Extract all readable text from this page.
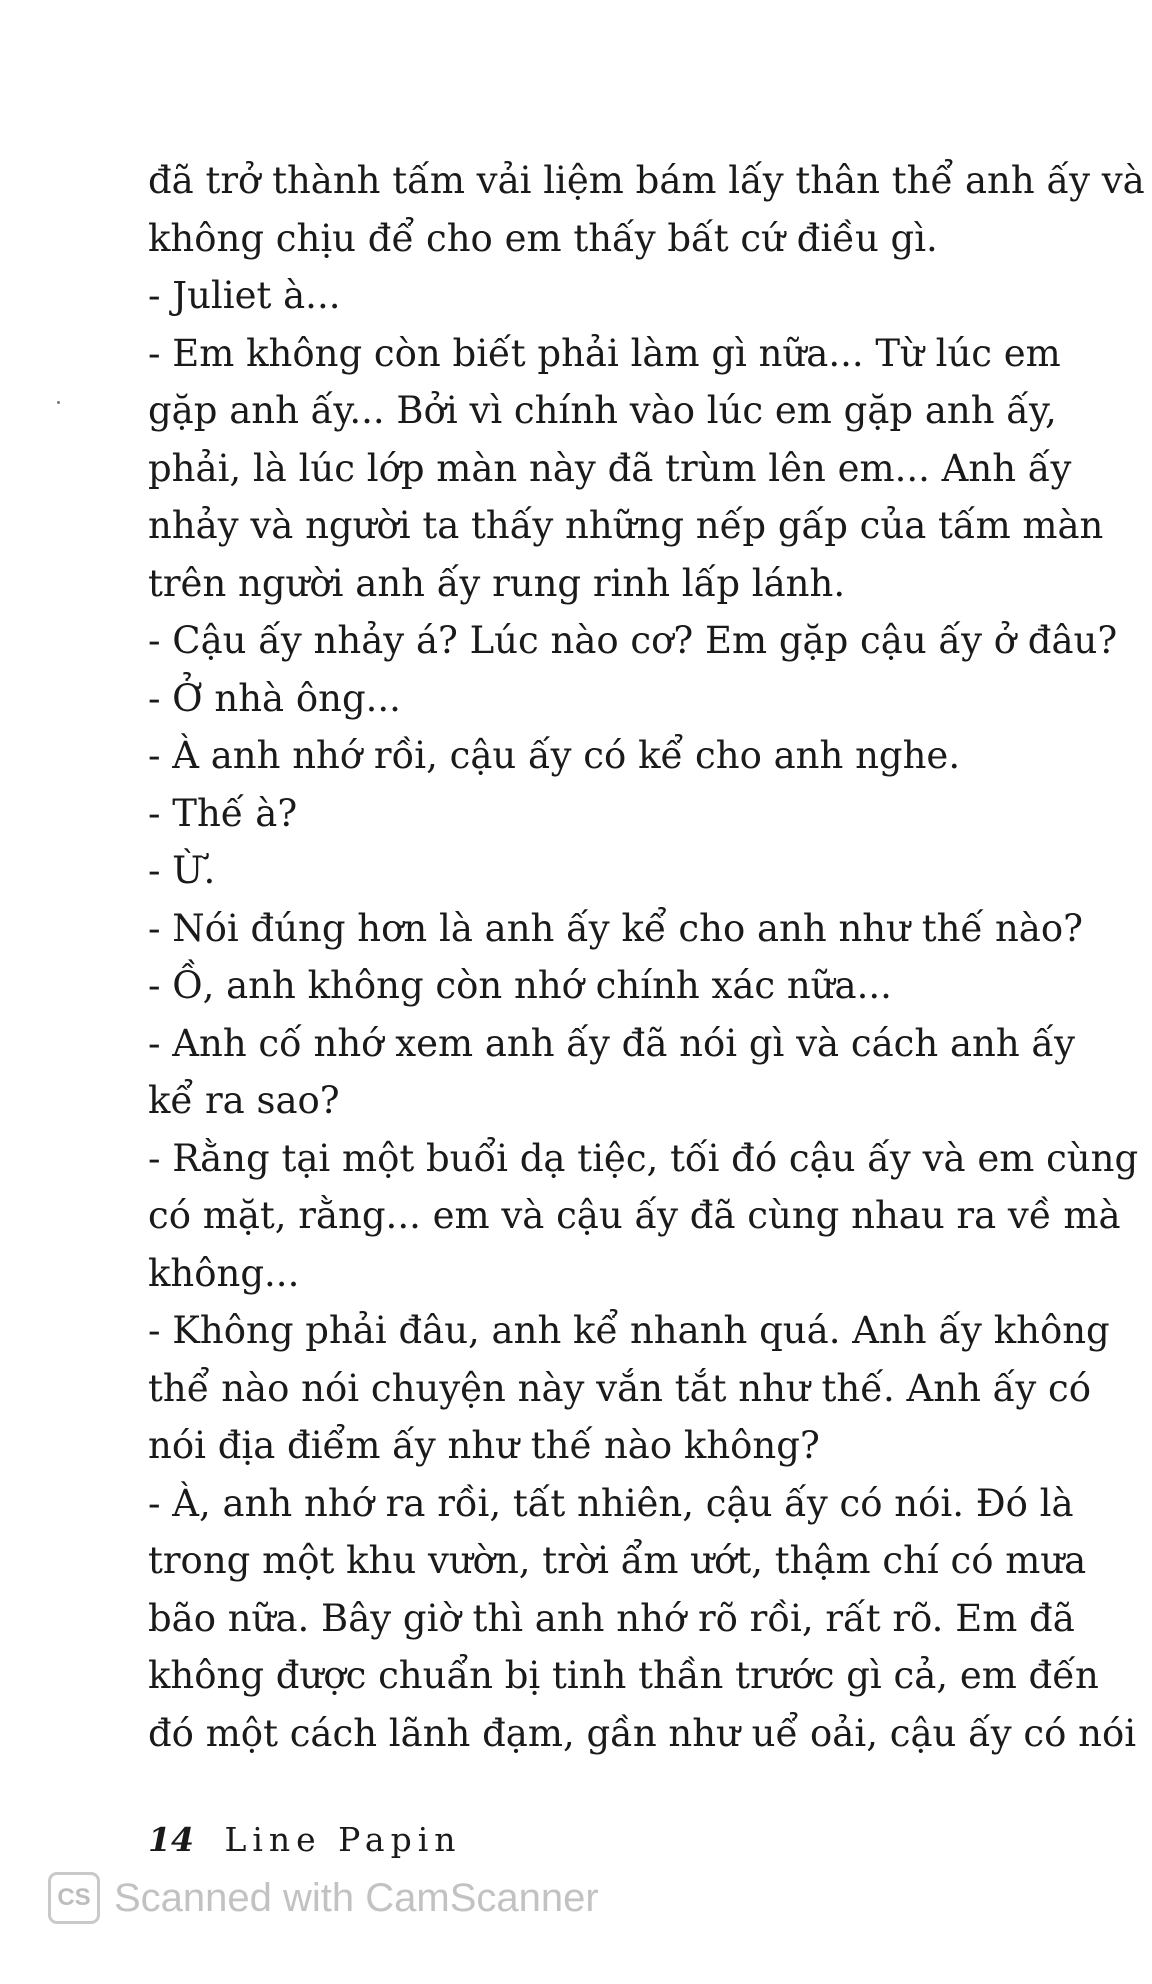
đã trở thành tấm vải liệm bám lấy thân thể anh ấy và
không chịu để cho em thấy bất cứ điều gì.
- Juliet à...
- Em không còn biết phải làm gì nữa... Từ lúc em
gặp anh ấy... Bởi vì chính vào lúc em gặp anh ấy,
phải, là lúc lớp màn này đã trùm lên em... Anh ấy
nhảy và người ta thấy những nếp gấp của tấm màn
trên người anh ấy rung rinh lấp lánh.
- Cậu ấy nhảy á? Lúc nào cơ? Em gặp cậu ấy ở đâu?
- Ở nhà ông...
- À anh nhớ rồi, cậu ấy có kể cho anh nghe.
- Thế à?
- Ừ.
- Nói đúng hơn là anh ấy kể cho anh như thế nào?
- Ồ, anh không còn nhớ chính xác nữa...
- Anh cố nhớ xem anh ấy đã nói gì và cách anh ấy
kể ra sao?
- Rằng tại một buổi dạ tiệc, tối đó cậu ấy và em cùng
có mặt, rằng... em và cậu ấy đã cùng nhau ra về mà
không...
- Không phải đâu, anh kể nhanh quá. Anh ấy không
thể nào nói chuyện này vắn tắt như thế. Anh ấy có
nói địa điểm ấy như thế nào không?
- À, anh nhớ ra rồi, tất nhiên, cậu ấy có nói. Đó là
trong một khu vườn, trời ẩm ướt, thậm chí có mưa
bão nữa. Bây giờ thì anh nhớ rõ rồi, rất rõ. Em đã
không được chuẩn bị tinh thần trước gì cả, em đến
đó một cách lãnh đạm, gần như uể oải, cậu ấy có nói
14 Line Papin
CS Scanned with CamScanner
